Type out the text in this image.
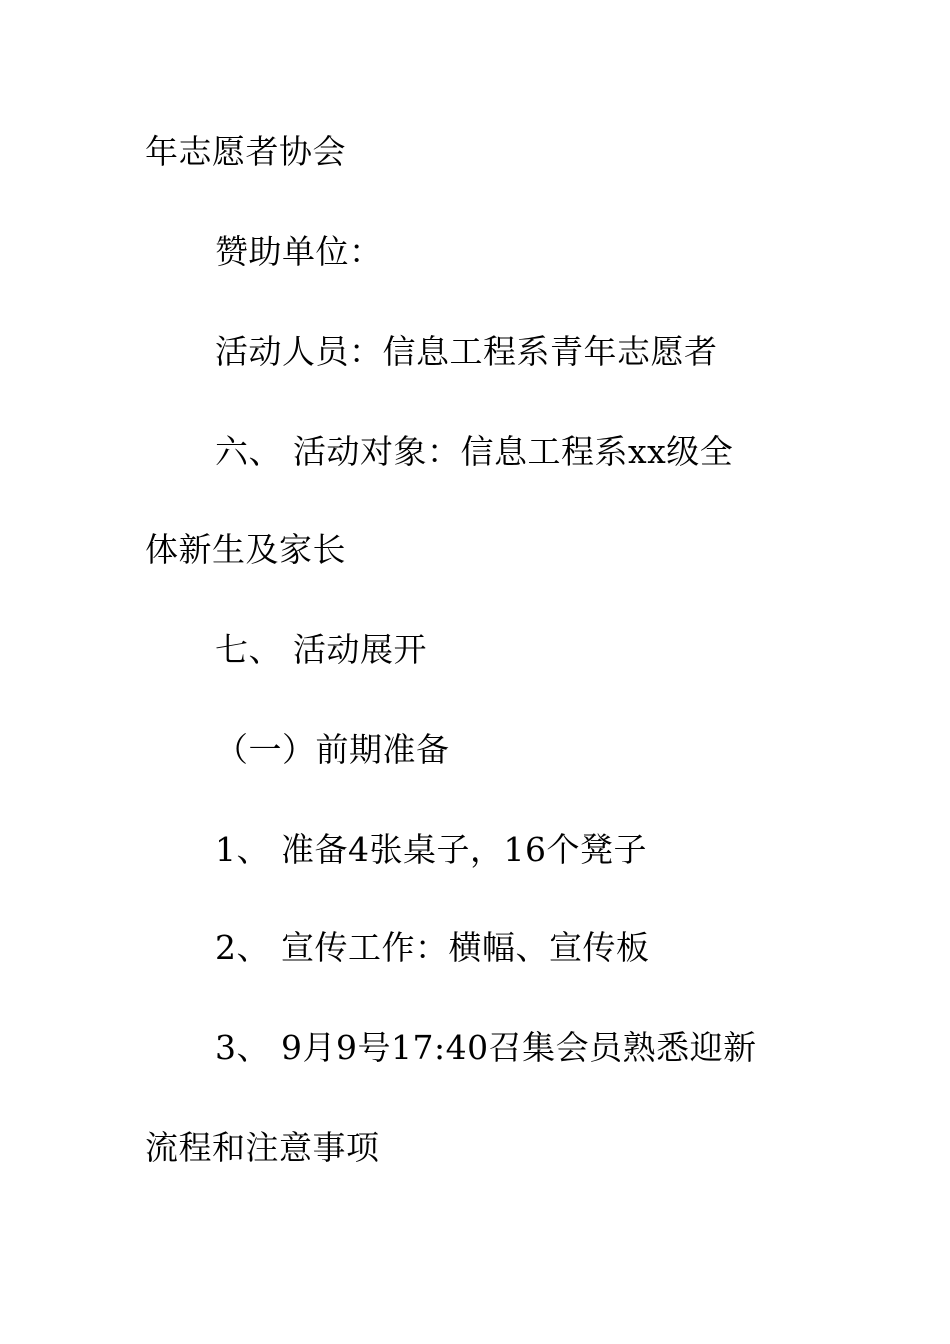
年志愿者协会

赞助单位：

活动人员：信息工程系青年志愿者

六、 活动对象：信息工程系xx级全

体新生及家长

七、 活动展开

（一）前期准备

1、 准备4张桌子，16个凳子

2、 宣传工作：横幅、宣传板

3、 9月9号17:40召集会员熟悉迎新

流程和注意事项
